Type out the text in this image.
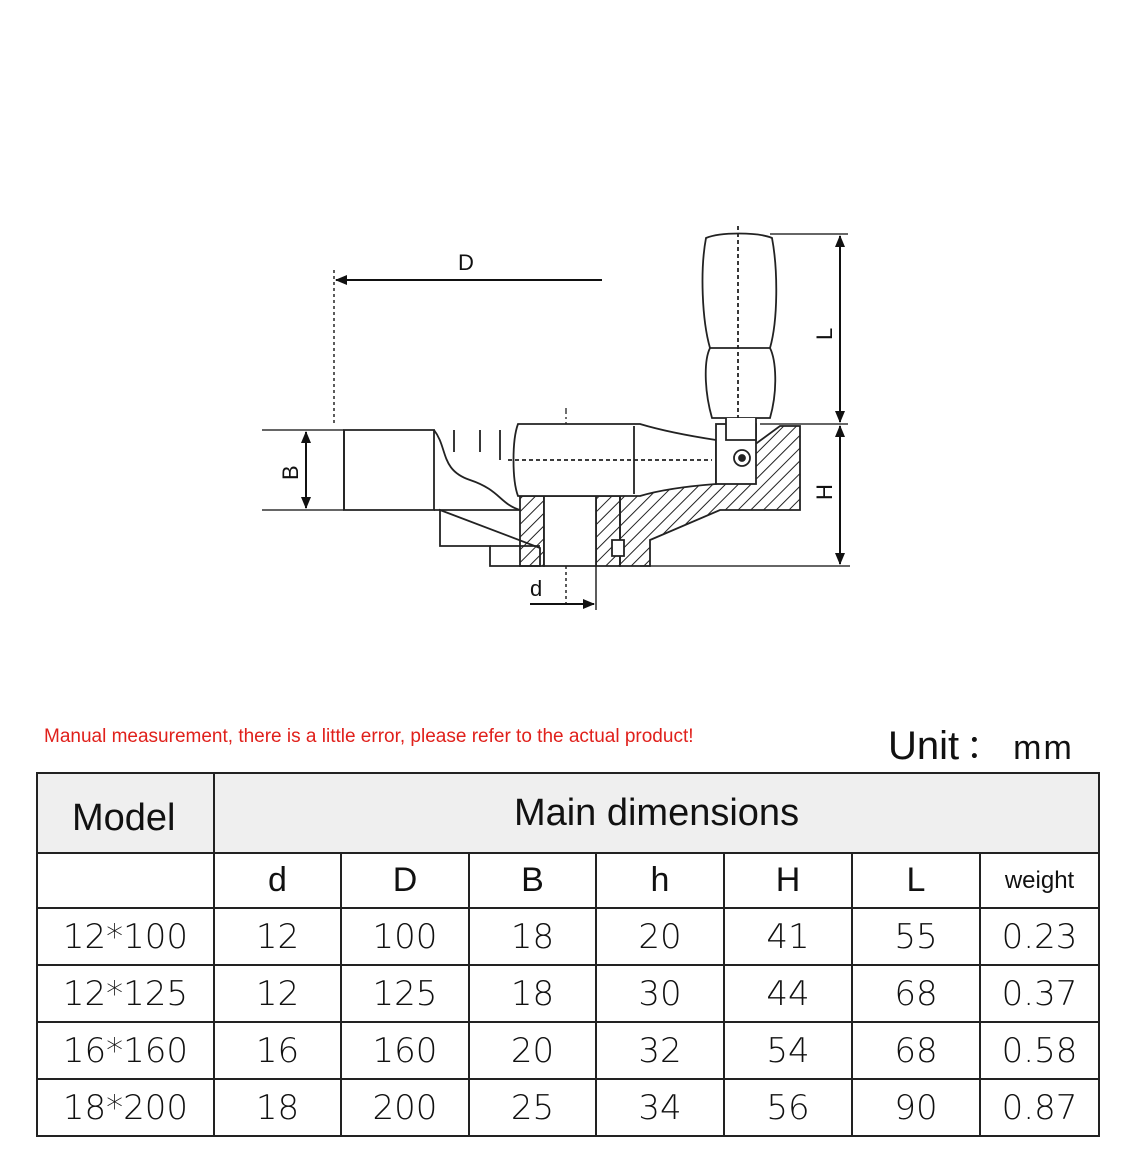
D
L
H
B
d
Manual measurement, there is a little error, please refer to the actual product!	Unit ： mm
Model	Main dimensions						
	d	D	B	h	H	L	weight
12*100	12	100	18	20	41	55	0.23
12*125	12	125	18	30	44	68	0.37
16*160	16	160	20	32	54	68	0.58
18*200	18	200	25	34	56	90	0.87
